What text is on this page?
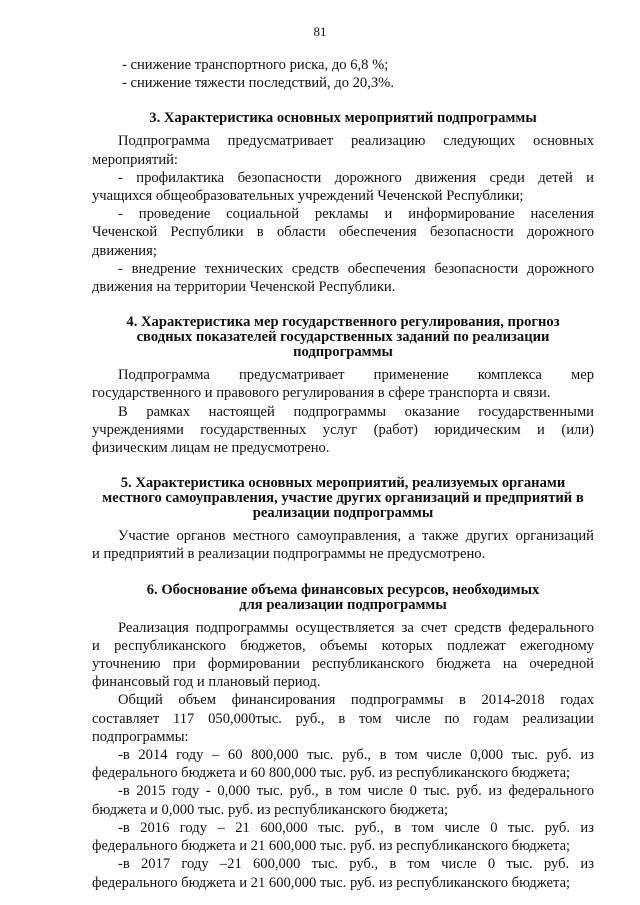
81

- снижение транспортного риска, до 6,8 %;

- снижение тяжести последствий, до 20,3%.

3. Характеристика основных мероприятий подпрограммы

Подпрограмма предусматривает реализацию следующих основных

мероприятий:

- профилактика безопасности дорожного движения среди детей и

учащихся общеобразовательных учреждений Чеченской Республики;

- проведение социальной рекламы и информирование населения

Чеченской Республики в области обеспечения безопасности дорожного

движения;

- внедрение технических средств обеспечения безопасности дорожного

движения на территории Чеченской Республики.

4. Характеристика мер государственного регулирования, прогноз
сводных показателей государственных заданий по реализации
подпрограммы

Подпрограмма предусматривает применение комплекса мер

государственного и правового регулирования в сфере транспорта и связи.

В рамках настоящей подпрограммы оказание государственными

учреждениями государственных услуг (работ) юридическим и (или)

физическим лицам не предусмотрено.

5. Характеристика основных мероприятий, реализуемых органами
местного самоуправления, участие других организаций и предприятий в
реализации подпрограммы

Участие органов местного самоуправления, а также других организаций

и предприятий в реализации подпрограммы не предусмотрено.

6. Обоснование объема финансовых ресурсов, необходимых
для реализации подпрограммы

Реализация подпрограммы осуществляется за счет средств федерального

и республиканского бюджетов, объемы которых подлежат ежегодному

уточнению при формировании республиканского бюджета на очередной

финансовый год и плановый период.

Общий объем финансирования подпрограммы в 2014-2018 годах

составляет 117 050,000тыс. руб., в том числе по годам реализации

подпрограммы:

-в 2014 году – 60 800,000 тыс. руб., в том числе 0,000 тыс. руб. из

федерального бюджета и 60 800,000 тыс. руб. из республиканского бюджета;

-в 2015 году - 0,000 тыс. руб., в том числе 0 тыс. руб. из федерального

бюджета и 0,000 тыс. руб. из республиканского бюджета;

-в 2016 году – 21 600,000 тыс. руб., в том числе 0 тыс. руб. из

федерального бюджета и 21 600,000 тыс. руб. из республиканского бюджета;

-в 2017 году –21 600,000 тыс. руб., в том числе 0 тыс. руб. из

федерального бюджета и 21 600,000 тыс. руб. из республиканского бюджета;
